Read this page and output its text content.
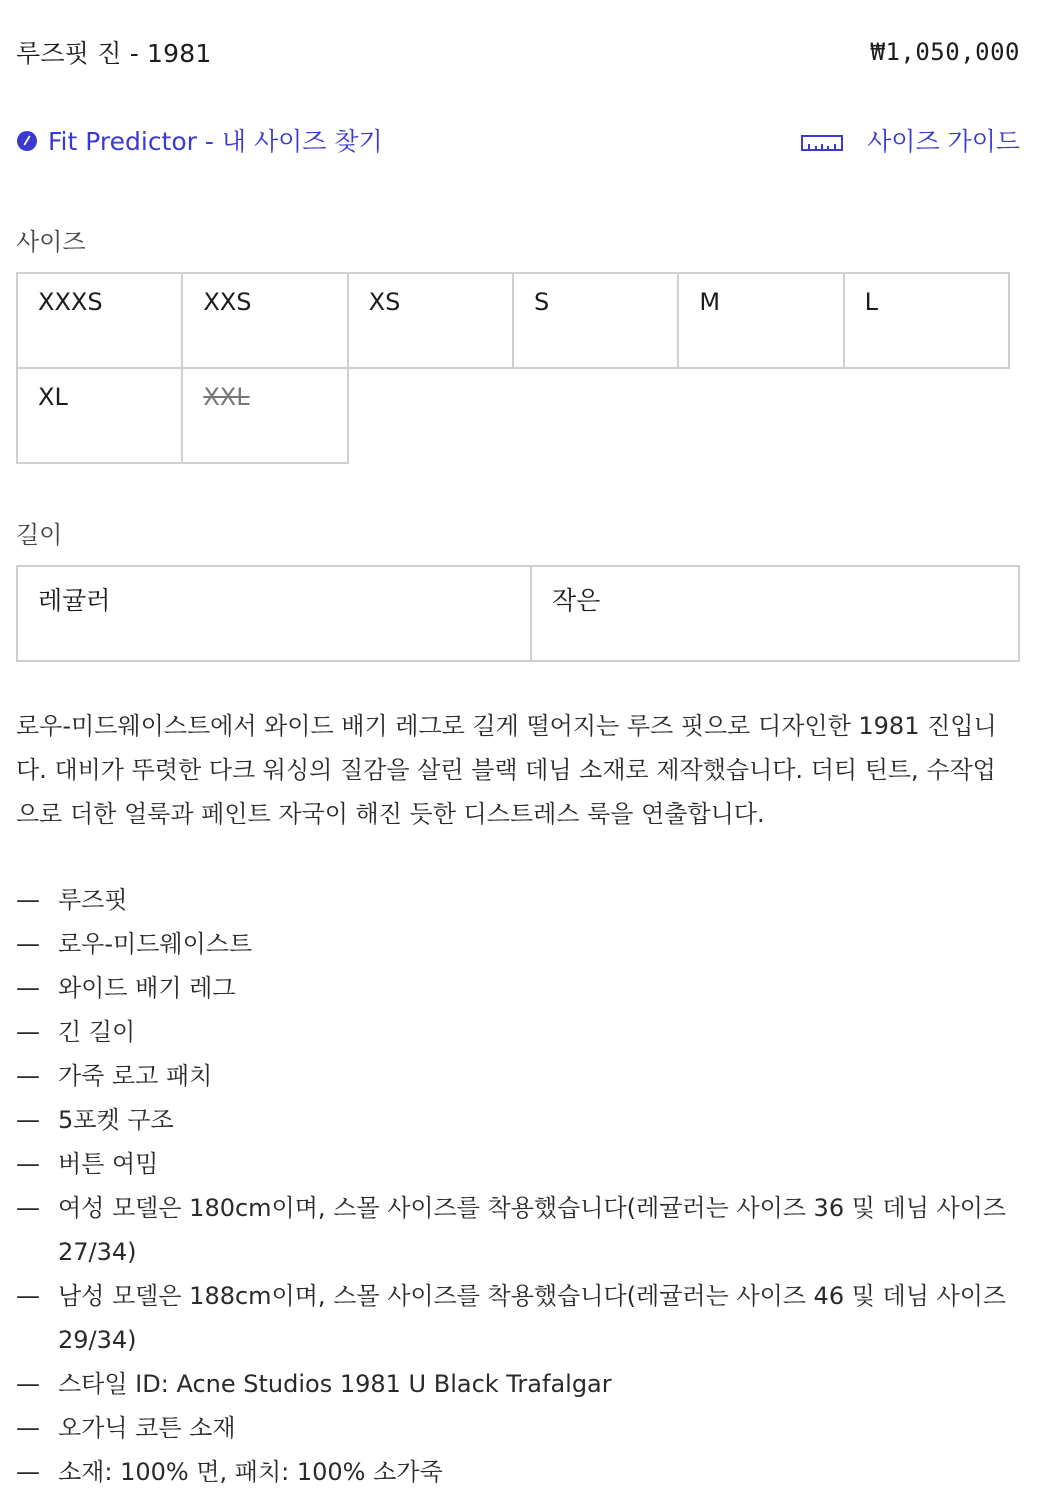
루즈핏 진 - 1981	₩1,050,000
Fit Predictor - 내 사이즈 찾기	사이즈 가이드
사이즈
XXXS	XXS	XS	S	M	L
XL	XXL
길이
레귤러	작은

로우-미드웨이스트에서 와이드 배기 레그로 길게 떨어지는 루즈 핏으로 디자인한 1981 진입니다. 대비가 뚜렷한 다크 워싱의 질감을 살린 블랙 데님 소재로 제작했습니다. 더티 틴트, 수작업으로 더한 얼룩과 페인트 자국이 해진 듯한 디스트레스 룩을 연출합니다.

— 루즈핏
— 로우-미드웨이스트
— 와이드 배기 레그
— 긴 길이
— 가죽 로고 패치
— 5포켓 구조
— 버튼 여밈
— 여성 모델은 180cm이며, 스몰 사이즈를 착용했습니다(레귤러는 사이즈 36 및 데님 사이즈 27/34)
— 남성 모델은 188cm이며, 스몰 사이즈를 착용했습니다(레귤러는 사이즈 46 및 데님 사이즈 29/34)
— 스타일 ID: Acne Studios 1981 U Black Trafalgar
— 오가닉 코튼 소재
— 소재: 100% 면, 패치: 100% 소가죽
